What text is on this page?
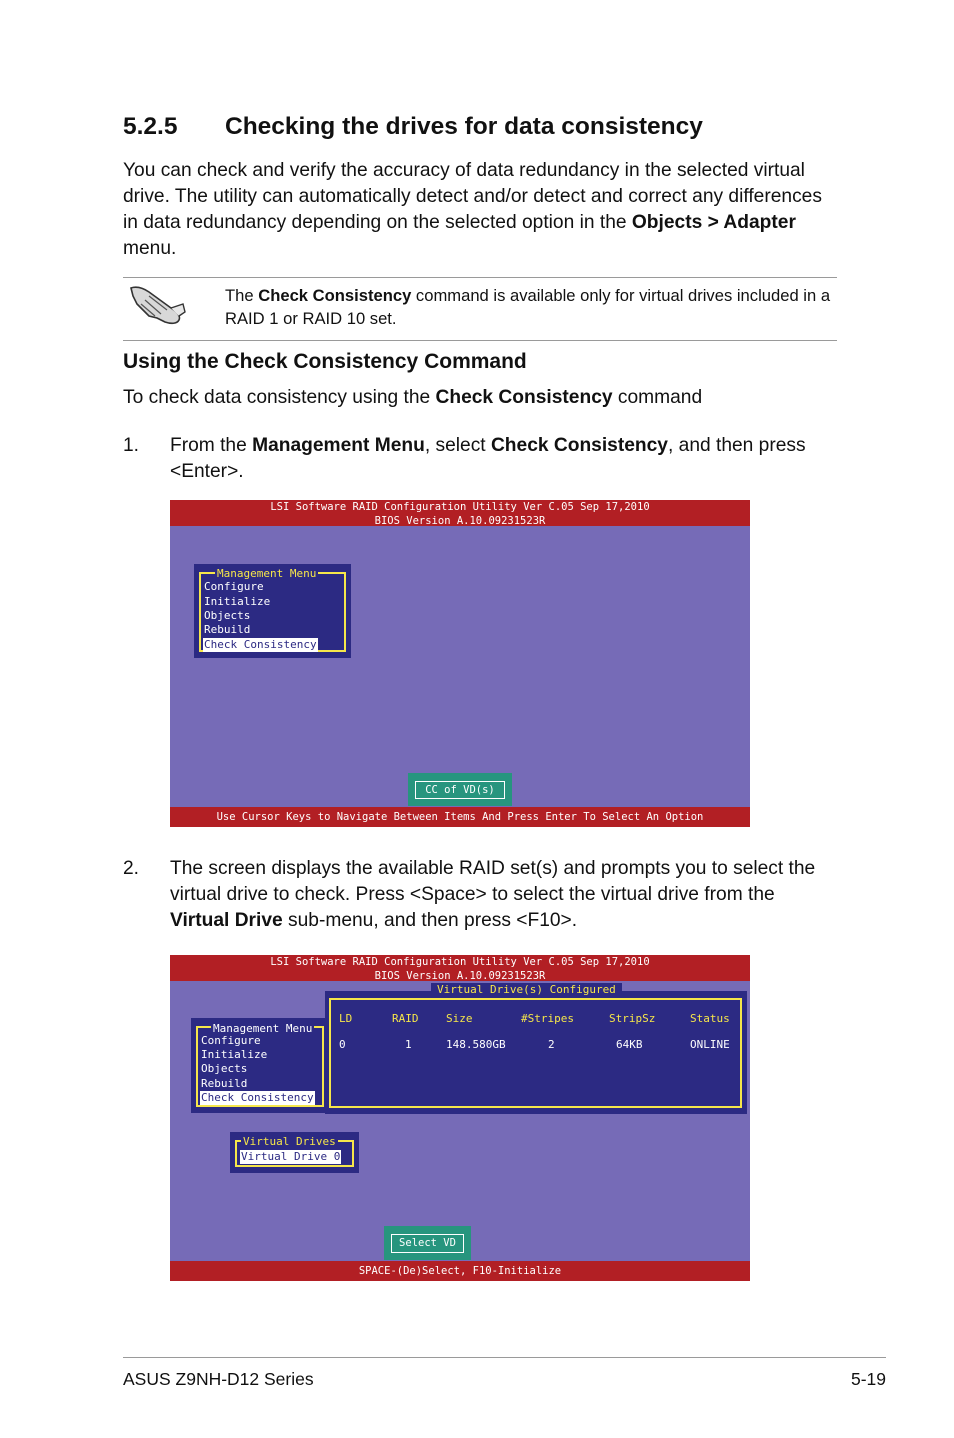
5.2.5 Checking the drives for data consistency
You can check and verify the accuracy of data redundancy in the selected virtual drive. The utility can automatically detect and/or detect and correct any differences in data redundancy depending on the selected option in the Objects > Adapter menu.
The Check Consistency command is available only for virtual drives included in a RAID 1 or RAID 10 set.
Using the Check Consistency Command
To check data consistency using the Check Consistency command
1. From the Management Menu, select Check Consistency, and then press <Enter>.
LSI Software RAID Configuration Utility Ver C.05 Sep 17,2010
BIOS Version A.10.09231523R
Management Menu
Configure
Initialize
Objects
Rebuild
Check Consistency
CC of VD(s)
Use Cursor Keys to Navigate Between Items And Press Enter To Select An Option
2. The screen displays the available RAID set(s) and prompts you to select the virtual drive to check. Press <Space> to select the virtual drive from the Virtual Drive sub-menu, and then press <F10>.
LSI Software RAID Configuration Utility Ver C.05 Sep 17,2010
BIOS Version A.10.09231523R
Management Menu
Configure
Initialize
Objects
Rebuild
Check Consistency
Virtual Drive(s) Configured
LD	RAID	Size	#Stripes	StripSz	Status
0	1	148.580GB	2	64KB	ONLINE
Virtual Drives
Virtual Drive 0
Select VD
SPACE-(De)Select, F10-Initialize
ASUS Z9NH-D12 Series	5-19
